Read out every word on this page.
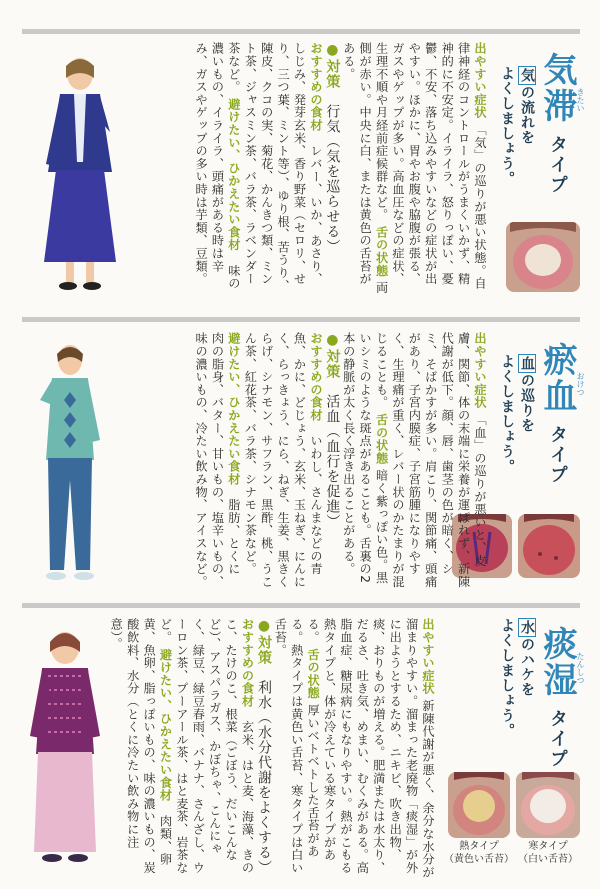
気滞 タイプ
きたい
気の流れを
よくしましょう。
出やすい症状 「気」の巡りが悪い状態。自律神経のコントロールがうまくいかず、精神的に不安定。イライラ、怒りっぽい、憂鬱、不安、落ち込みやすいなどの症状が出やすい。ほかに、胃やお腹や脇腹が張る、ガスやゲップが多い。高血圧などの症状、生理不順や月経前症候群など。 舌の状態 両側が赤い。中央に白、または黄色の舌苔がある。
●対策　行気（気を巡らせる）
おすすめの食材　レバー、いか、あさり、しじみ、発芽玄米、香り野菜（セロリ、せり、三つ葉、ミント等）、ゆり根、苦うり、陳皮、クコの実、菊花、かんきつ類、ミント茶、ジャスミン茶、バラ茶、ラベンダー茶など。 避けたい、ひかえたい食材　味の濃いもの、イライラ、頭痛がある時は辛み、ガスやゲップの多い時は芋類、豆類。
瘀血 タイプ
おけつ
血の巡りを
よくしましょう。
出やすい症状 「血」の巡りが悪いと、皮膚、関節、体の末端に栄養が運ばれず、新陳代謝が低下。顔、唇、歯茎の色が暗く、シミ、そばかすが多い。肩こり、関節痛、頭痛があり、子宮内膜症、子宮筋腫になりやすく、生理痛が重く、レバー状のかたまりが混じることも。 舌の状態 暗く紫っぽい色。黒いシミのような斑点があることも。舌裏の2本の静脈が太く長く浮き出ることがある。
●対策　活血（血行を促進）
おすすめの食材　いわし、さんまなどの青魚、かに、どじょう、玄米、玉ねぎ、にんにく、らっきょう、にら、ねぎ、生姜、黒きくらげ、シナモン、サフラン、黒酢、桃、うこん茶、紅花茶、バラ茶、シナモン茶など。 避けたい、ひかえたい食材　脂肪、とくに肉の脂身、バター、甘いもの、塩辛いもの、味の濃いもの、冷たい飲み物、アイスなど。
痰湿 タイプ
たんしつ
水のハケを
よくしましょう。
熱タイプ
（黄色い舌苔）
寒タイプ
（白い舌苔）
出やすい症状 新陳代謝が悪く、余分な水分が溜まりやすい。溜まった老廃物「痰湿」が外に出ようとするため、ニキビ、吹き出物、痰、おりものが増える。肥満または水太り、だるさ、吐き気、めまい、むくみがある。高脂血症、糖尿病にもなりやすい。熱がこもる熱タイプと、体が冷えている寒タイプがある。 舌の状態 厚いベトベトした舌苔がある。熱タイプは黄色い舌苔、寒タイプは白い舌苔。
●対策　利水（水分代謝をよくする）
おすすめの食材　玄米、はと麦、海藻、きのこ、たけのこ、根菜（ごぼう、だいこんなど）、アスパラガス、かぼちゃ、こんにゃく、緑豆、緑豆春雨、バナナ、さんざし、ウーロン茶、プーアール茶、はと麦茶、岩茶など。 避けたい、ひかえたい食材　肉類、卵黄、魚卵、脂っぽいもの、味の濃いもの、炭酸飲料、水分（とくに冷たい飲み物に注意）。
